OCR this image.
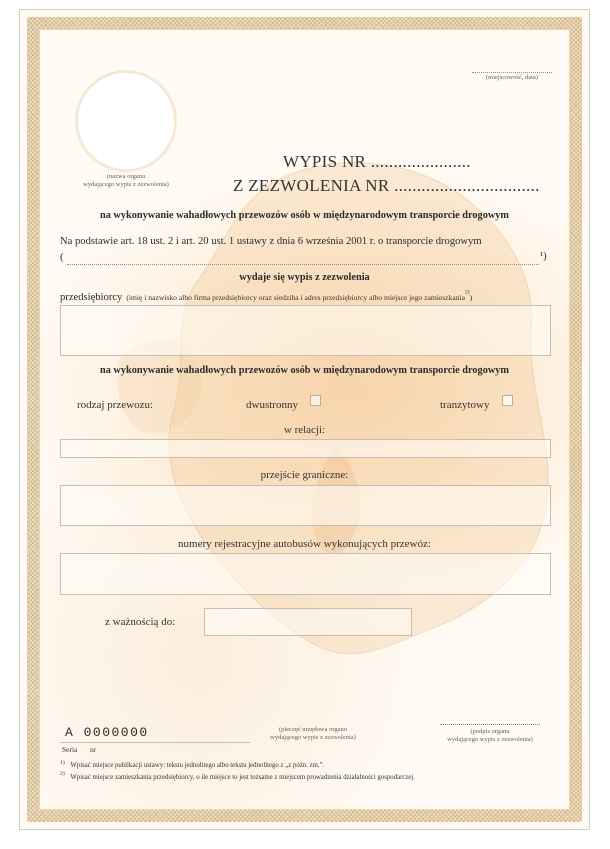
(miejscowość, data)
(nazwa organu
wydającego wypis z zezwolenia)
WYPIS NR ......................
Z ZEZWOLENIA NR ................................
na wykonywanie wahadłowych przewozów osób w międzynarodowym transporcie drogowym
Na podstawie art. 18 ust. 2 i art. 20 ust. 1 ustawy z dnia 6 września 2001 r. o transporcie drogowym
(	¹)
wydaje się wypis z zezwolenia
przedsiębiorcy (imię i nazwisko albo firma przedsiębiorcy oraz siedziba i adres przedsiębiorcy albo miejsce jego zamieszkania$^{2)}$)
na wykonywanie wahadłowych przewozów osób w międzynarodowym transporcie drogowym
rodzaj przewozu:	dwustronny	tranzytowy
w relacji:
przejście graniczne:
numery rejestracyjne autobusów wykonujących przewóz:
z ważnością do:
A 0000000
Seria nr
(pieczęć urzędowa organu
wydającego wypis z zezwolenia)
(podpis organu
wydającego wypis z zezwolenia)
$^{1)}$ Wpisać miejsce publikacji ustawy: tekstu jednolitego albo tekstu jednolitego z „z późn. zm.”.
$^{2)}$ Wpisać miejsce zamieszkania przedsiębiorcy, o ile miejsce to jest tożsame z miejscem prowadzenia działalności gospodarczej.
